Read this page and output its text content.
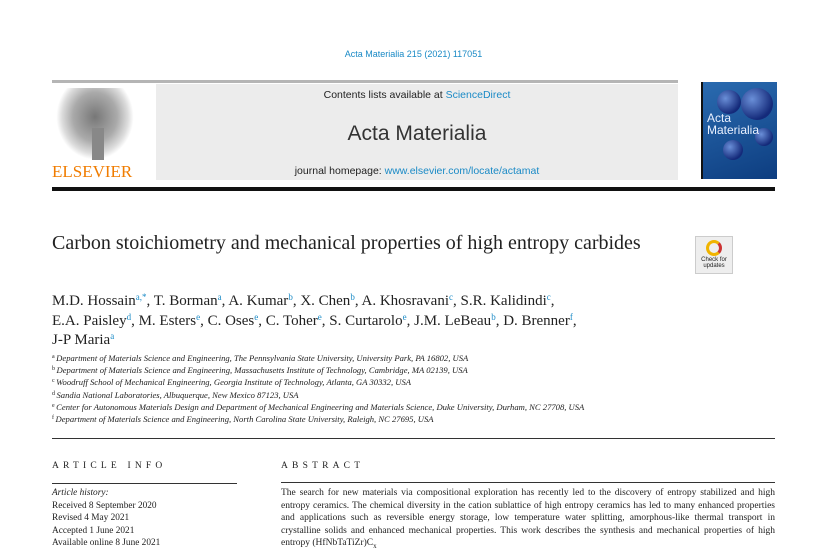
Acta Materialia 215 (2021) 117051
ELSEVIER
Contents lists available at ScienceDirect
Acta Materialia
journal homepage: www.elsevier.com/locate/actamat
Acta Materialia
Carbon stoichiometry and mechanical properties of high entropy carbides
Check for updates
M.D. Hossain$^{a,*}$, T. Borman$^a$, A. Kumar$^b$, X. Chen$^b$, A. Khosravani$^c$, S.R. Kalidindi$^c$,
E.A. Paisley$^d$, M. Esters$^e$, C. Oses$^e$, C. Toher$^e$, S. Curtarolo$^e$, J.M. LeBeau$^b$, D. Brenner$^f$,
J-P Maria$^a$
$^a$ Department of Materials Science and Engineering, The Pennsylvania State University, University Park, PA 16802, USA
$^b$ Department of Materials Science and Engineering, Massachusetts Institute of Technology, Cambridge, MA 02139, USA
$^c$ Woodruff School of Mechanical Engineering, Georgia Institute of Technology, Atlanta, GA 30332, USA
$^d$ Sandia National Laboratories, Albuquerque, New Mexico 87123, USA
$^e$ Center for Autonomous Materials Design and Department of Mechanical Engineering and Materials Science, Duke University, Durham, NC 27708, USA
$^f$ Department of Materials Science and Engineering, North Carolina State University, Raleigh, NC 27695, USA
ARTICLE INFO	ABSTRACT
Article history:
Received 8 September 2020
Revised 4 May 2021
Accepted 1 June 2021
Available online 8 June 2021
The search for new materials via compositional exploration has recently led to the discovery of entropy stabilized and high entropy ceramics. The chemical diversity in the cation sublattice of high entropy ceramics has led to many enhanced properties and applications such as reversible energy storage, low temperature water splitting, amorphous-like thermal transport in crystalline solids and enhanced mechanical properties. This work describes the synthesis and mechanical properties of high entropy $(HfNbTaTiZr)C_x$
